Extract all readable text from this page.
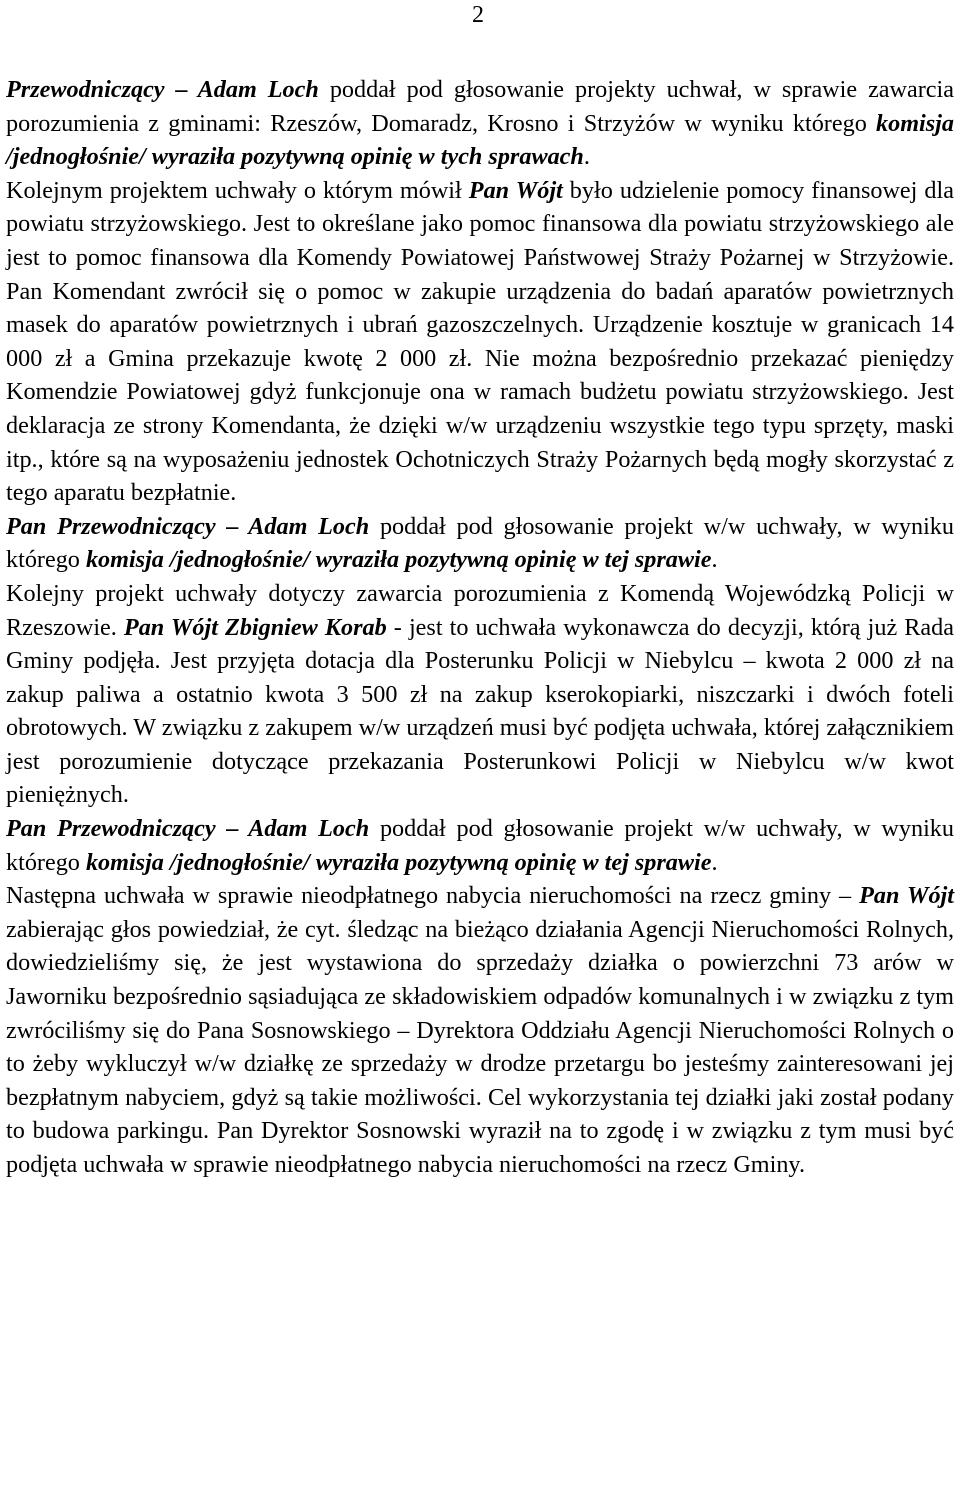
2

Przewodniczący – Adam Loch poddał pod głosowanie projekty uchwał, w sprawie zawarcia porozumienia z gminami: Rzeszów, Domaradz, Krosno i Strzyżów w wyniku którego komisja /jednogłośnie/ wyraziła pozytywną opinię w tych sprawach.

Kolejnym projektem uchwały o którym mówił Pan Wójt było udzielenie pomocy finansowej dla powiatu strzyżowskiego. Jest to określane jako pomoc finansowa dla powiatu strzyżowskiego ale jest to pomoc finansowa dla Komendy Powiatowej Państwowej Straży Pożarnej w Strzyżowie. Pan Komendant zwrócił się o pomoc w zakupie urządzenia do badań aparatów powietrznych masek do aparatów powietrznych i ubrań gazoszczelnych. Urządzenie kosztuje w granicach 14 000 zł a Gmina przekazuje kwotę 2 000 zł. Nie można bezpośrednio przekazać pieniędzy Komendzie Powiatowej gdyż funkcjonuje ona w ramach budżetu powiatu strzyżowskiego. Jest deklaracja ze strony Komendanta, że dzięki w/w urządzeniu wszystkie tego typu sprzęty, maski itp., które są na wyposażeniu jednostek Ochotniczych Straży Pożarnych będą mogły skorzystać z tego aparatu bezpłatnie.

Pan Przewodniczący – Adam Loch poddał pod głosowanie projekt w/w uchwały, w wyniku którego komisja /jednogłośnie/ wyraziła pozytywną opinię w tej sprawie.

Kolejny projekt uchwały dotyczy zawarcia porozumienia z Komendą Wojewódzką Policji w Rzeszowie. Pan Wójt Zbigniew Korab - jest to uchwała wykonawcza do decyzji, którą już Rada Gminy podjęła. Jest przyjęta dotacja dla Posterunku Policji w Niebylcu – kwota 2 000 zł na zakup paliwa a ostatnio kwota 3 500 zł na zakup kserokopiarki, niszczarki i dwóch foteli obrotowych. W związku z zakupem w/w urządzeń musi być podjęta uchwała, której załącznikiem jest porozumienie dotyczące przekazania Posterunkowi Policji w Niebylcu w/w kwot pieniężnych.

Pan Przewodniczący – Adam Loch poddał pod głosowanie projekt w/w uchwały, w wyniku którego komisja /jednogłośnie/ wyraziła pozytywną opinię w tej sprawie.

Następna uchwała w sprawie nieodpłatnego nabycia nieruchomości na rzecz gminy – Pan Wójt zabierając głos powiedział, że cyt. śledząc na bieżąco działania Agencji Nieruchomości Rolnych, dowiedzieliśmy się, że jest wystawiona do sprzedaży działka o powierzchni 73 arów w Jaworniku bezpośrednio sąsiadująca ze składowiskiem odpadów komunalnych i w związku z tym zwróciliśmy się do Pana Sosnowskiego – Dyrektora Oddziału Agencji Nieruchomości Rolnych o to żeby wykluczył w/w działkę ze sprzedaży w drodze przetargu bo jesteśmy zainteresowani jej bezpłatnym nabyciem, gdyż są takie możliwości. Cel wykorzystania tej działki jaki został podany to budowa parkingu. Pan Dyrektor Sosnowski wyraził na to zgodę i w związku z tym musi być podjęta uchwała w sprawie nieodpłatnego nabycia nieruchomości na rzecz Gminy.
